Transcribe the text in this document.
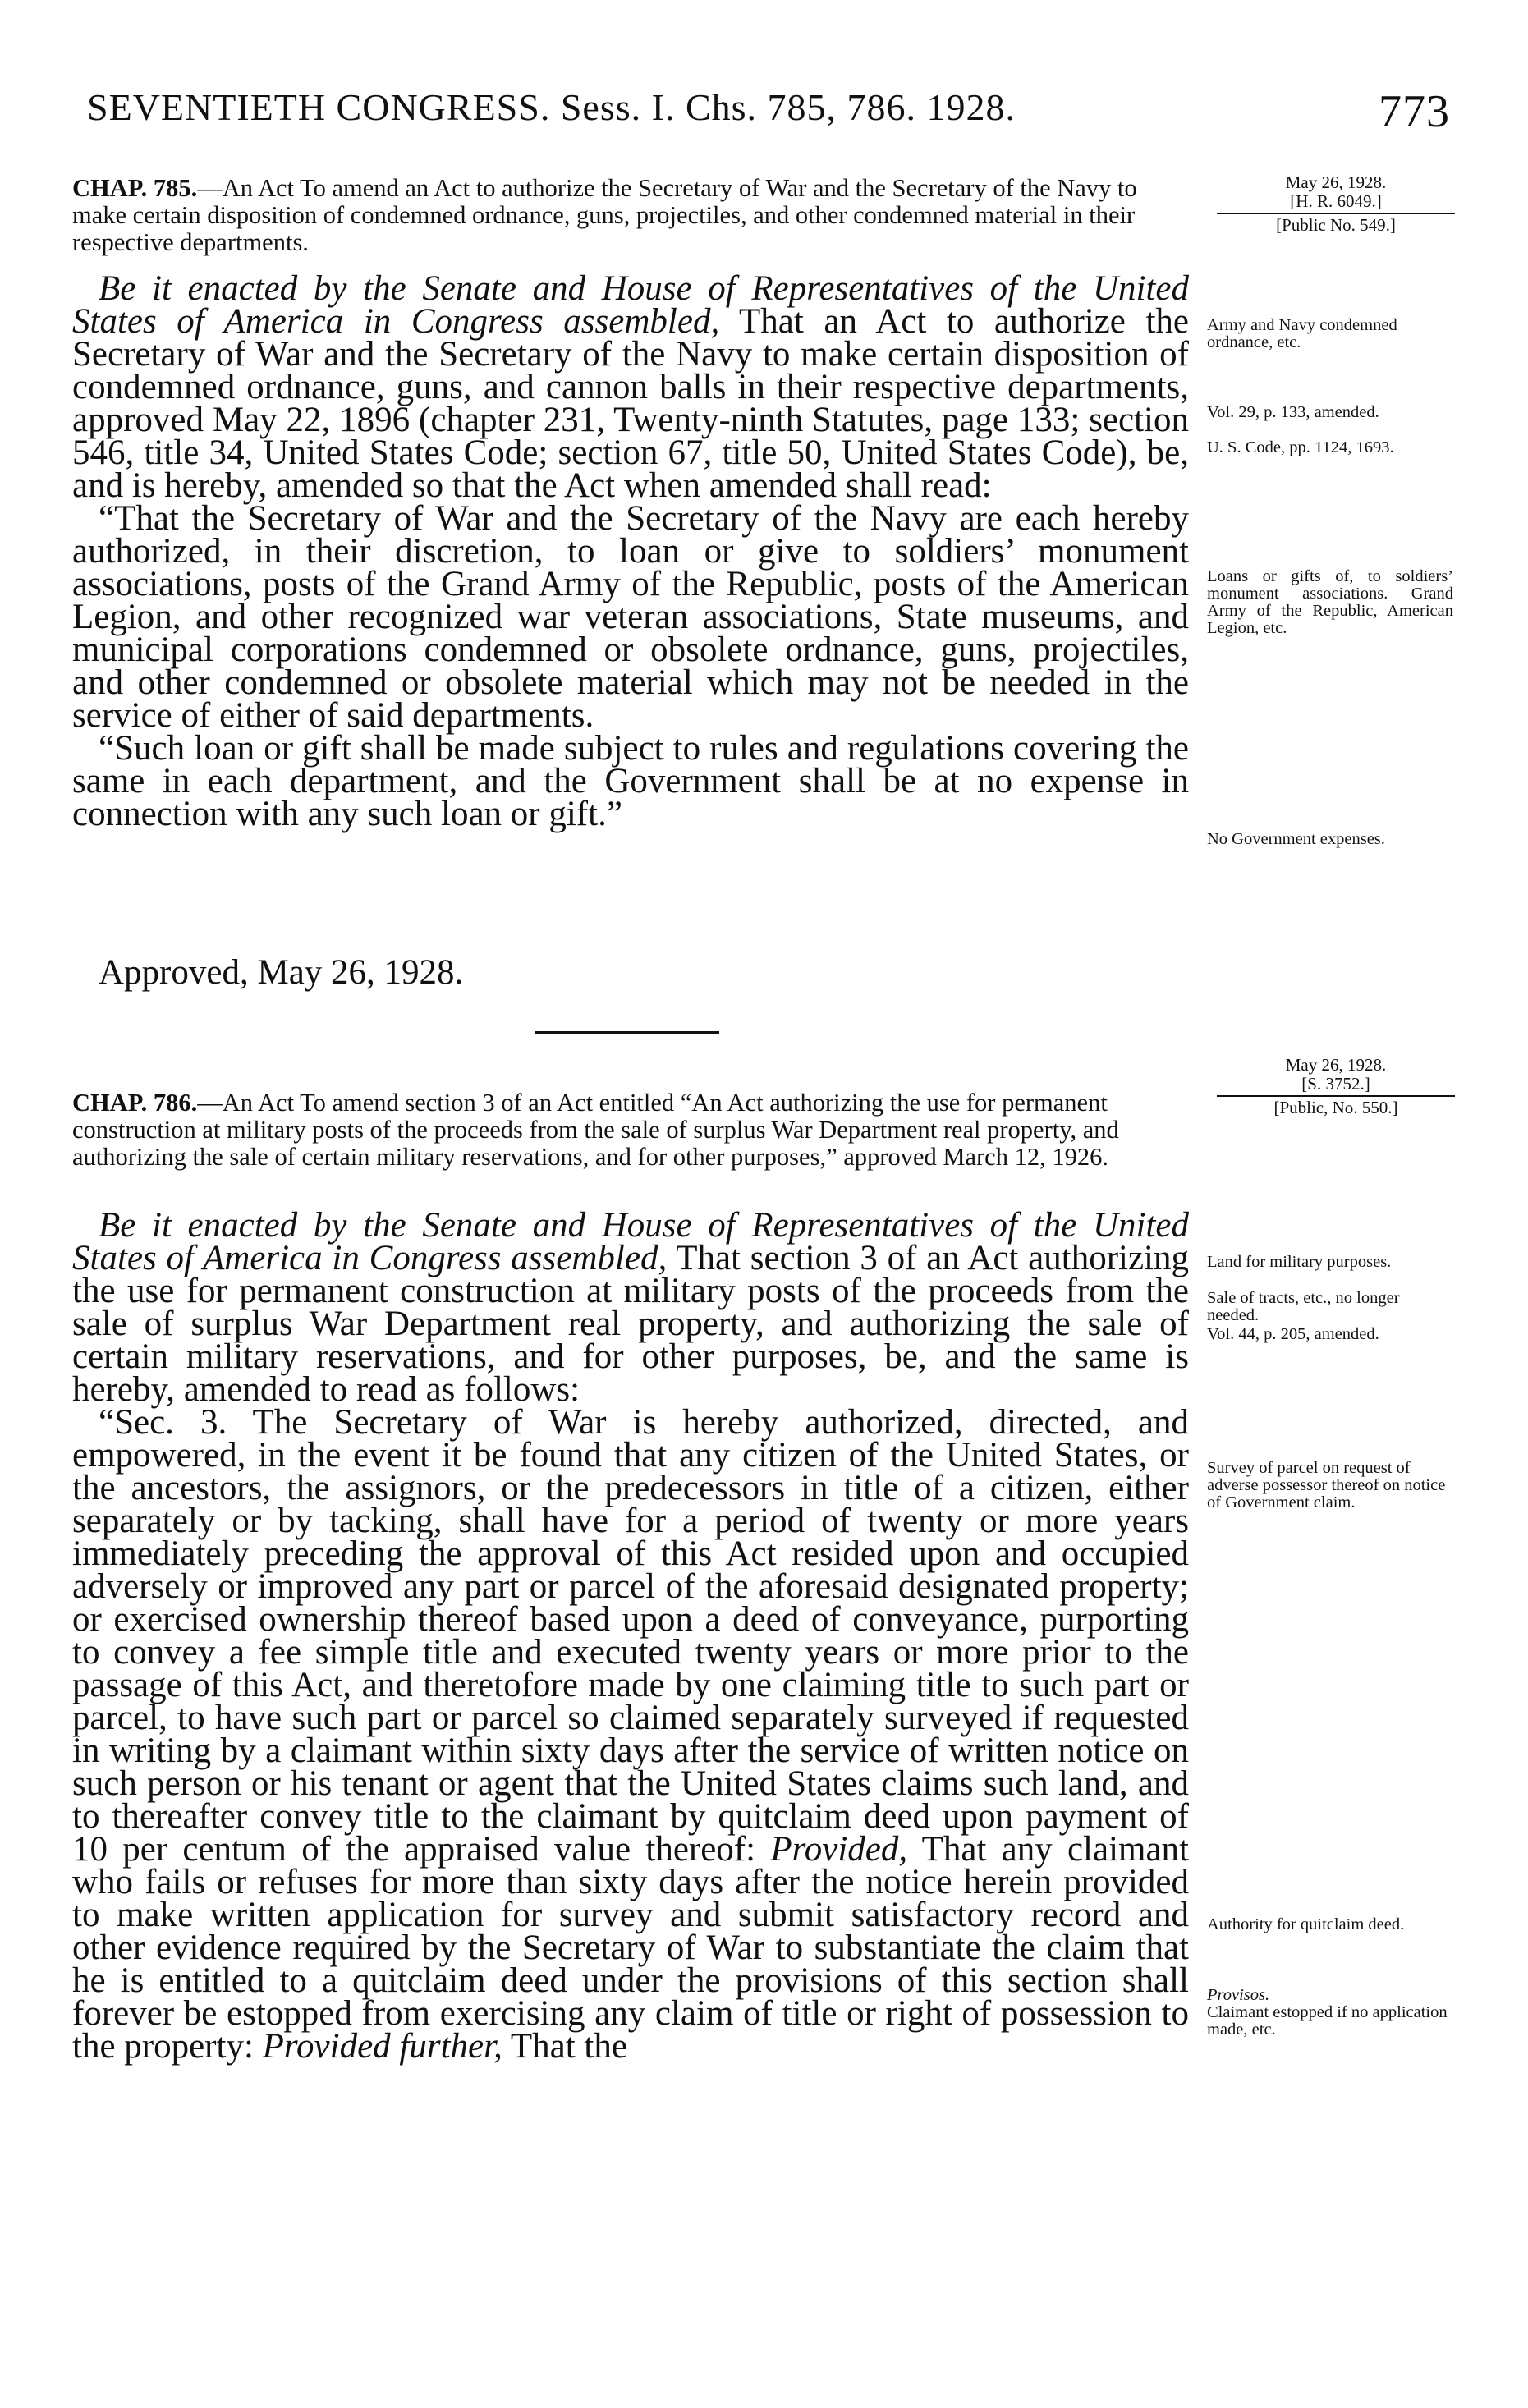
SEVENTIETH CONGRESS. Sess. I. Chs. 785, 786. 1928.	773
CHAP. 785.—An Act To amend an Act to authorize the Secretary of War and the Secretary of the Navy to make certain disposition of condemned ordnance, guns, projectiles, and other condemned material in their respective departments.
May 26, 1928.
[H. R. 6049.]
[Public No. 549.]

Be it enacted by the Senate and House of Representatives of the United States of America in Congress assembled, That an Act to authorize the Secretary of War and the Secretary of the Navy to make certain disposition of condemned ordnance, guns, and cannon balls in their respective departments, approved May 22, 1896 (chapter 231, Twenty-ninth Statutes, page 133; section 546, title 34, United States Code; section 67, title 50, United States Code), be, and is hereby, amended so that the Act when amended shall read:

“That the Secretary of War and the Secretary of the Navy are each hereby authorized, in their discretion, to loan or give to soldiers’ monument associations, posts of the Grand Army of the Republic, posts of the American Legion, and other recognized war veteran associations, State museums, and municipal corporations condemned or obsolete ordnance, guns, projectiles, and other condemned or obsolete material which may not be needed in the service of either of said departments.

“Such loan or gift shall be made subject to rules and regulations covering the same in each department, and the Government shall be at no expense in connection with any such loan or gift.”

Approved, May 26, 1928.
Army and Navy condemned ordnance, etc.
Vol. 29, p. 133, amended.
U. S. Code, pp. 1124, 1693.
Loans or gifts of, to soldiers’ monument associations. Grand Army of the Republic, American Legion, etc.
No Government expenses.
May 26, 1928.
[S. 3752.]
[Public, No. 550.]
CHAP. 786.—An Act To amend section 3 of an Act entitled “An Act authorizing the use for permanent construction at military posts of the proceeds from the sale of surplus War Department real property, and authorizing the sale of certain military reservations, and for other purposes,” approved March 12, 1926.

Be it enacted by the Senate and House of Representatives of the United States of America in Congress assembled, That section 3 of an Act authorizing the use for permanent construction at military posts of the proceeds from the sale of surplus War Department real property, and authorizing the sale of certain military reservations, and for other purposes, be, and the same is hereby, amended to read as follows:

“Sec. 3. The Secretary of War is hereby authorized, directed, and empowered, in the event it be found that any citizen of the United States, or the ancestors, the assignors, or the predecessors in title of a citizen, either separately or by tacking, shall have for a period of twenty or more years immediately preceding the approval of this Act resided upon and occupied adversely or improved any part or parcel of the aforesaid designated property; or exercised ownership thereof based upon a deed of conveyance, purporting to convey a fee simple title and executed twenty years or more prior to the passage of this Act, and theretofore made by one claiming title to such part or parcel, to have such part or parcel so claimed separately surveyed if requested in writing by a claimant within sixty days after the service of written notice on such person or his tenant or agent that the United States claims such land, and to thereafter convey title to the claimant by quitclaim deed upon payment of 10 per centum of the appraised value thereof: Provided, That any claimant who fails or refuses for more than sixty days after the notice herein provided to make written application for survey and submit satisfactory record and other evidence required by the Secretary of War to substantiate the claim that he is entitled to a quitclaim deed under the provisions of this section shall forever be estopped from exercising any claim of title or right of possession to the property: Provided further, That the

Land for military purposes.
Sale of tracts, etc., no longer needed.
Vol. 44, p. 205, amended.
Survey of parcel on request of adverse possessor thereof on notice of Government claim.
Authority for quitclaim deed.
Provisos.
Claimant estopped if no application made, etc.
